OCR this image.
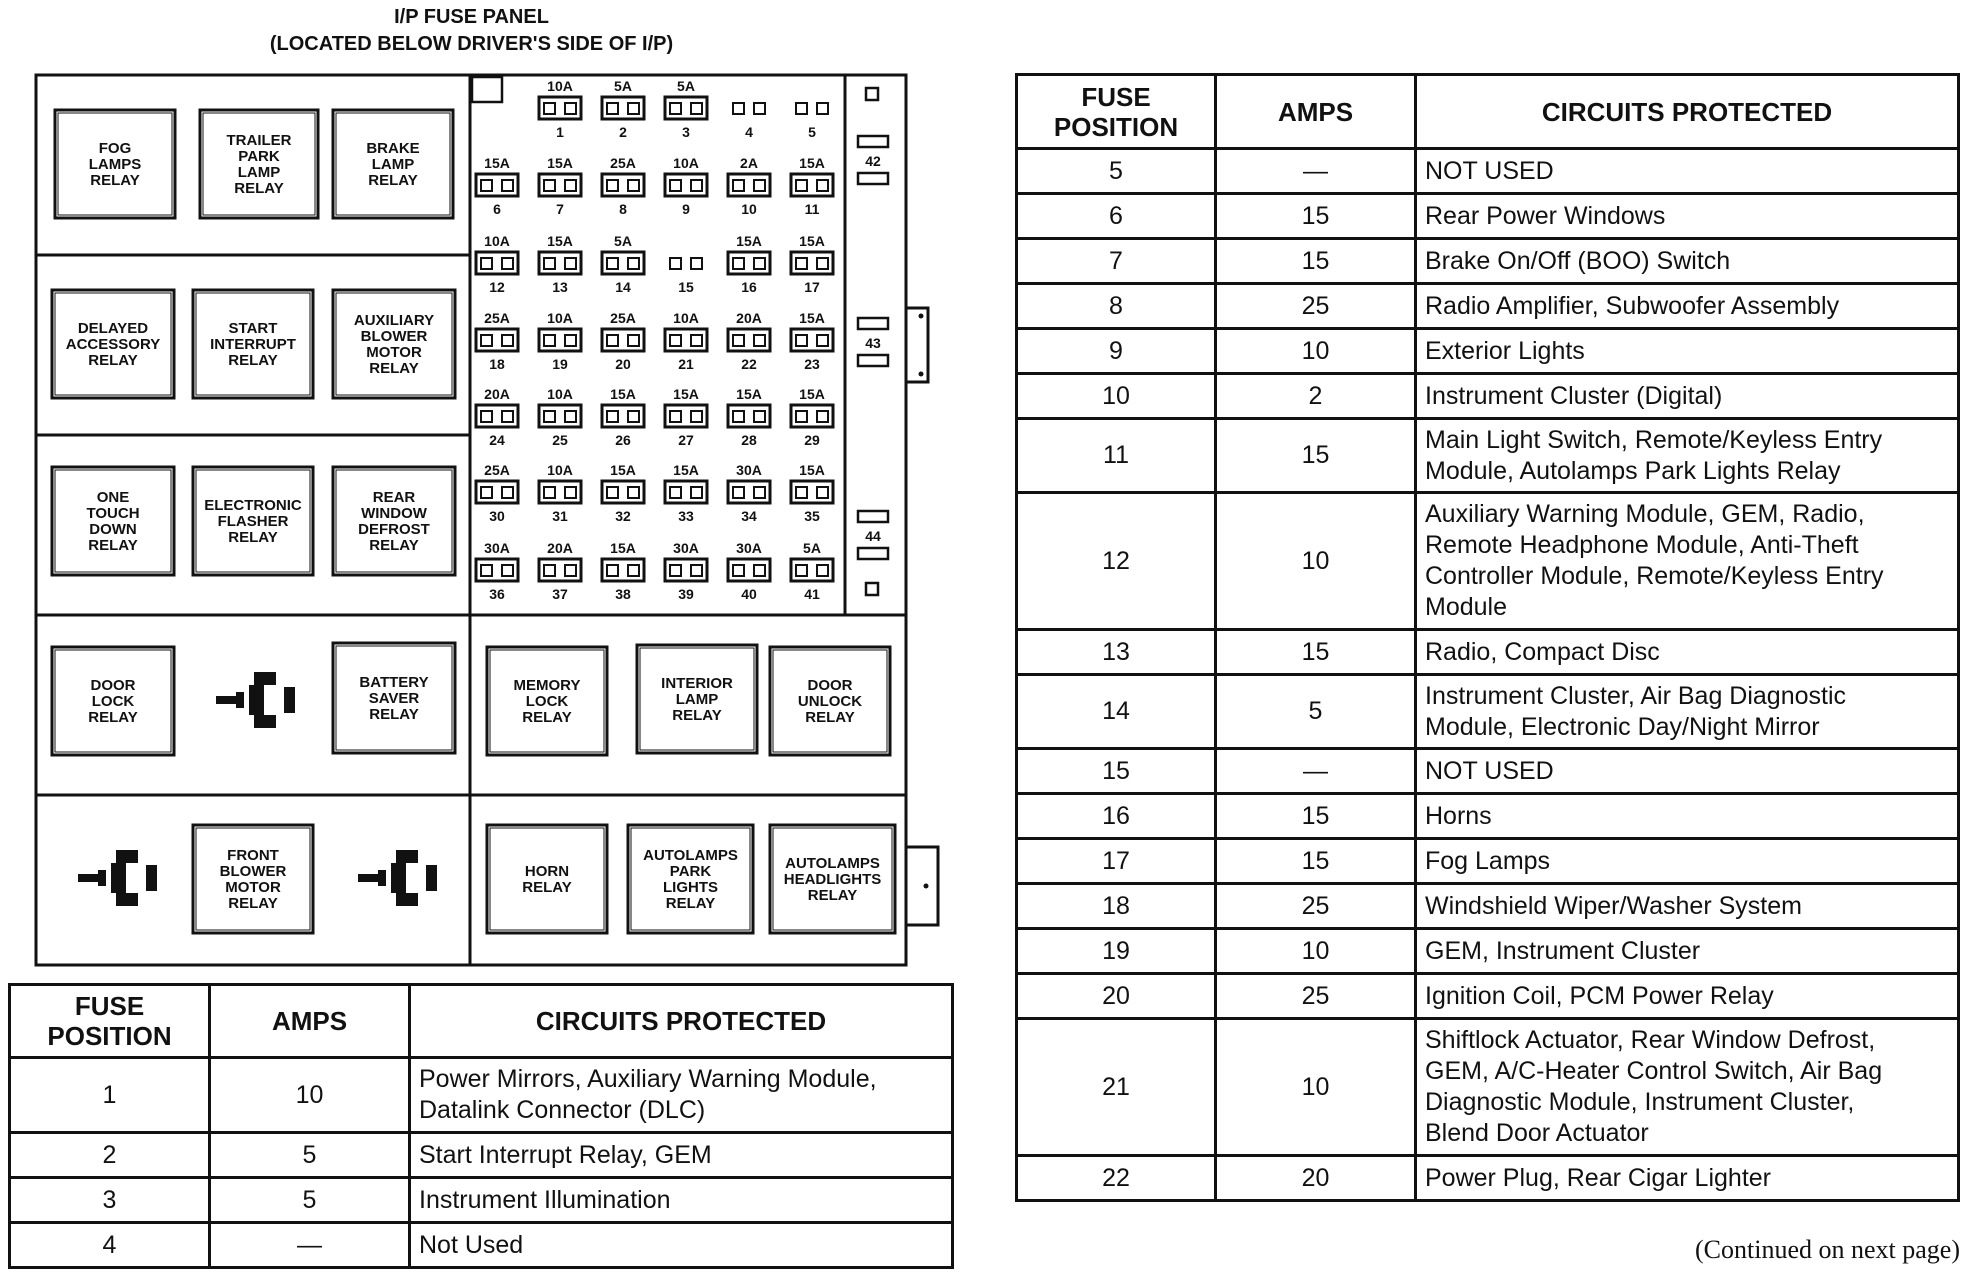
I/P FUSE PANEL
(LOCATED BELOW DRIVER'S SIDE OF I/P)
FOG
LAMPS
RELAY
TRAILER
PARK
LAMP
RELAY
BRAKE
LAMP
RELAY
DELAYED
ACCESSORY
RELAY
START
INTERRUPT
RELAY
AUXILIARY
BLOWER
MOTOR
RELAY
ONE
TOUCH
DOWN
RELAY
ELECTRONIC
FLASHER
RELAY
REAR
WINDOW
DEFROST
RELAY
DOOR
LOCK
RELAY
BATTERY
SAVER
RELAY
MEMORY
LOCK
RELAY
INTERIOR
LAMP
RELAY
DOOR
UNLOCK
RELAY
FRONT
BLOWER
MOTOR
RELAY
HORN
RELAY
AUTOLAMPS
PARK
LIGHTS
RELAY
AUTOLAMPS
HEADLIGHTS
RELAY
10A
1
5A
2
5A
3	4	5
15A
6
15A
7
25A
8
10A
9
2A
10
15A
11
10A
12
15A
13
5A
14	15
15A
16
15A
17
25A
18
10A
19
25A
20
10A
21
20A
22
15A
23
20A
24
10A
25
15A
26
15A
27
15A
28
15A
29
25A
30
10A
31
15A
32
15A
33
30A
34
15A
35
30A
36
20A
37
15A
38
30A
39
30A
40
5A
41
42
43
44
FUSE
POSITION	AMPS	CIRCUITS PROTECTED
1	10	Power Mirrors, Auxiliary Warning Module,
Datalink Connector (DLC)

2	5	Start Interrupt Relay, GEM

3	5	Instrument Illumination

4	—	Not Used
FUSE
POSITION	AMPS	CIRCUITS PROTECTED
5	—	NOT USED

6	15	Rear Power Windows

7	15	Brake On/Off (BOO) Switch

8	25	Radio Amplifier, Subwoofer Assembly

9	10	Exterior Lights

10	2	Instrument Cluster (Digital)

11	15	Main Light Switch, Remote/Keyless Entry
Module, Autolamps Park Lights Relay

12	10	Auxiliary Warning Module, GEM, Radio,
Remote Headphone Module, Anti-Theft
Controller Module, Remote/Keyless Entry
Module

13	15	Radio, Compact Disc

14	5	Instrument Cluster, Air Bag Diagnostic
Module, Electronic Day/Night Mirror

15	—	NOT USED

16	15	Horns

17	15	Fog Lamps

18	25	Windshield Wiper/Washer System

19	10	GEM, Instrument Cluster

20	25	Ignition Coil, PCM Power Relay

21	10	Shiftlock Actuator, Rear Window Defrost,
GEM, A/C-Heater Control Switch, Air Bag
Diagnostic Module, Instrument Cluster,
Blend Door Actuator

22	20	Power Plug, Rear Cigar Lighter
(Continued on next page)
